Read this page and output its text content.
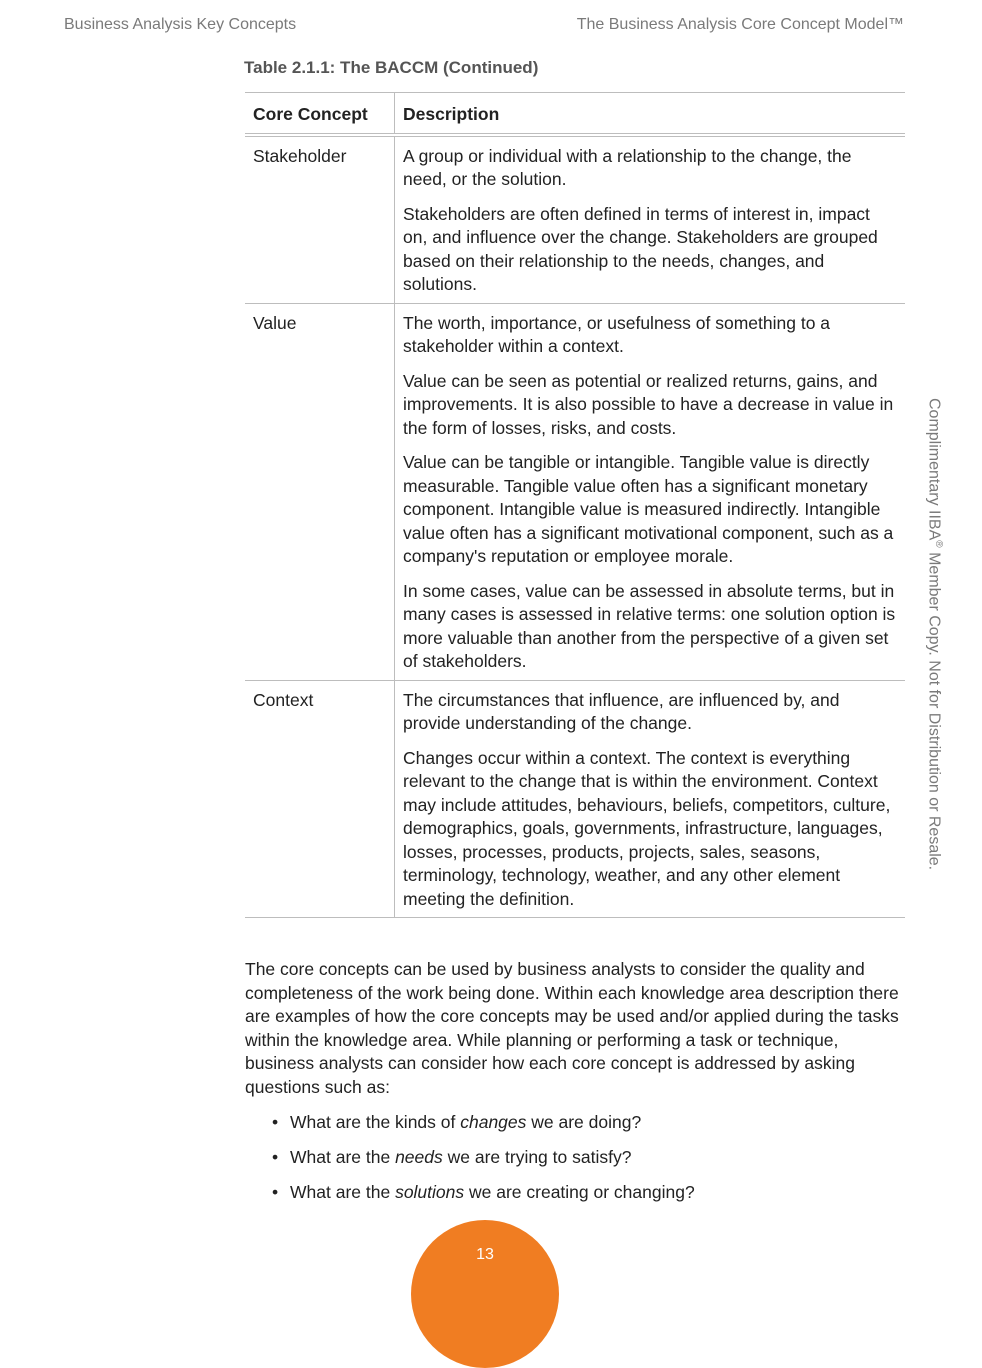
Business Analysis Key Concepts	The Business Analysis Core Concept Model™
Table 2.1.1: The BACCM (Continued)
Core Concept	Description
Stakeholder	A group or individual with a relationship to the change, the need, or the solution.

Stakeholders are often defined in terms of interest in, impact on, and influence over the change. Stakeholders are grouped based on their relationship to the needs, changes, and solutions.

Value	The worth, importance, or usefulness of something to a stakeholder within a context.

Value can be seen as potential or realized returns, gains, and improvements. It is also possible to have a decrease in value in the form of losses, risks, and costs.

Value can be tangible or intangible. Tangible value is directly measurable. Tangible value often has a significant monetary component. Intangible value is measured indirectly. Intangible value often has a significant motivational component, such as a company's reputation or employee morale.

In some cases, value can be assessed in absolute terms, but in many cases is assessed in relative terms: one solution option is more valuable than another from the perspective of a given set of stakeholders.

Context	The circumstances that influence, are influenced by, and provide understanding of the change.

Changes occur within a context. The context is everything relevant to the change that is within the environment. Context may include attitudes, behaviours, beliefs, competitors, culture, demographics, goals, governments, infrastructure, languages, losses, processes, products, projects, sales, seasons, terminology, technology, weather, and any other element meeting the definition.

The core concepts can be used by business analysts to consider the quality and completeness of the work being done. Within each knowledge area description there are examples of how the core concepts may be used and/or applied during the tasks within the knowledge area. While planning or performing a task or technique, business analysts can consider how each core concept is addressed by asking questions such as:

• What are the kinds of changes we are doing?
• What are the needs we are trying to satisfy?
• What are the solutions we are creating or changing?
Complimentary IIBA® Member Copy. Not for Distribution or Resale.
13
